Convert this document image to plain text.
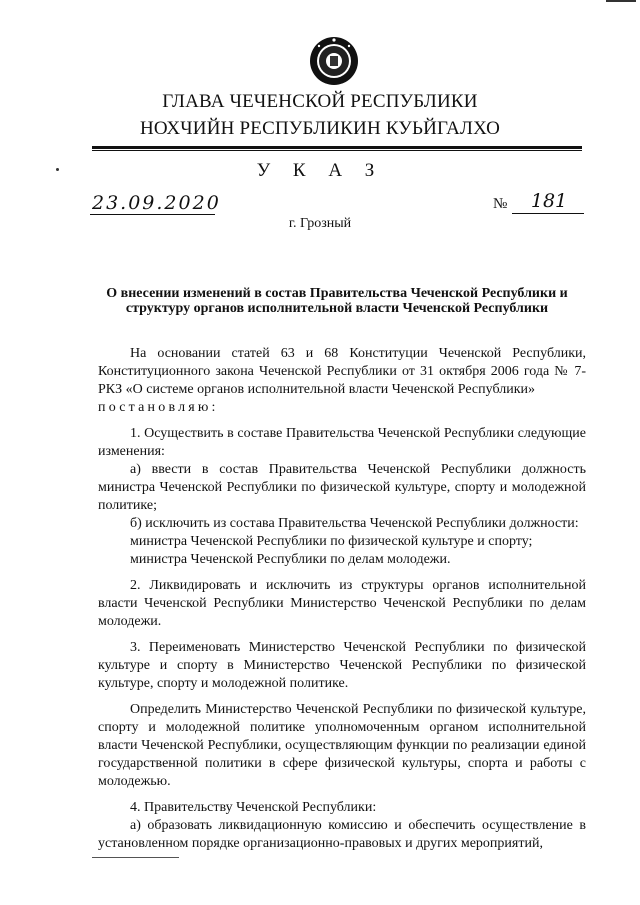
ГЛАВА ЧЕЧЕНСКОЙ РЕСПУБЛИКИ
НОХЧИЙН РЕСПУБЛИКИН КУЬЙГАЛХО
У К А З
23.09.2020	№	181
г. Грозный
О внесении изменений в состав Правительства Чеченской Республики и структуру органов исполнительной власти Чеченской Республики

На основании статей 63 и 68 Конституции Чеченской Республики, Конституционного закона Чеченской Республики от 31 октября 2006 года № 7-РКЗ «О системе органов исполнительной власти Чеченской Республики»

постановляю:

1. Осуществить в составе Правительства Чеченской Республики следующие изменения:

а) ввести в состав Правительства Чеченской Республики должность министра Чеченской Республики по физической культуре, спорту и молодежной политике;

б) исключить из состава Правительства Чеченской Республики должности:

министра Чеченской Республики по физической культуре и спорту;

министра Чеченской Республики по делам молодежи.

2. Ликвидировать и исключить из структуры органов исполнительной власти Чеченской Республики Министерство Чеченской Республики по делам молодежи.

3. Переименовать Министерство Чеченской Республики по физической культуре и спорту в Министерство Чеченской Республики по физической культуре, спорту и молодежной политике.

Определить Министерство Чеченской Республики по физической культуре, спорту и молодежной политике уполномоченным органом исполнительной власти Чеченской Республики, осуществляющим функции по реализации единой государственной политики в сфере физической культуры, спорта и работы с молодежью.

4. Правительству Чеченской Республики:

а) образовать ликвидационную комиссию и обеспечить осуществление в установленном порядке организационно-правовых и других мероприятий,

▬▬▬▬▬▬▬▬▬▬▬▬▬▬▬▬▬▬▬▬▬▬▬▬▬▬▬▬▬
